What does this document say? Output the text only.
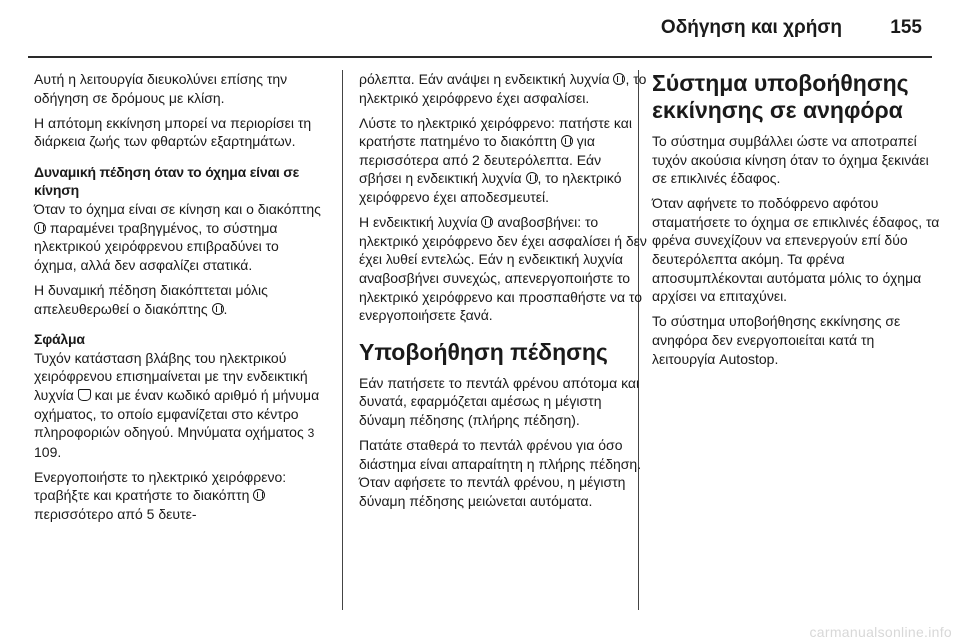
Οδήγηση και χρήση	155

Αυτή η λειτουργία διευκολύνει επίσης την οδήγηση σε δρόμους με κλίση.

Η απότομη εκκίνηση μπορεί να περιορίσει τη διάρκεια ζωής των φθαρτών εξαρτημάτων.

Δυναμική πέδηση όταν το όχημα είναι σε κίνηση

Όταν το όχημα είναι σε κίνηση και ο διακόπτης  παραμένει τραβηγμένος, το σύστημα ηλεκτρικού χειρόφρενου επιβραδύνει το όχημα, αλλά δεν ασφαλίζει στατικά.

Η δυναμική πέδηση διακόπτεται μόλις απελευθερωθεί ο διακόπτης .

Σφάλμα

Τυχόν κατάσταση βλάβης του ηλεκτρικού χειρόφρενου επισημαίνεται με την ενδεικτική λυχνία  και με έναν κωδικό αριθμό ή μήνυμα οχήματος, το οποίο εμφανίζεται στο κέντρο πληροφοριών οδηγού. Μηνύματα οχήματος 3 109.

Ενεργοποιήστε το ηλεκτρικό χειρόφρενο: τραβήξτε και κρατήστε το διακόπτη  περισσότερο από 5 δευτε-

ρόλεπτα. Εάν ανάψει η ενδεικτική λυχνία , το ηλεκτρικό χειρόφρενο έχει ασφαλίσει.

Λύστε το ηλεκτρικό χειρόφρενο: πατήστε και κρατήστε πατημένο το διακόπτη  για περισσότερα από 2 δευτερόλεπτα. Εάν σβήσει η ενδεικτική λυχνία , το ηλεκτρικό χειρόφρενο έχει αποδεσμευτεί.

Η ενδεικτική λυχνία  αναβοσβήνει: το ηλεκτρικό χειρόφρενο δεν έχει ασφαλίσει ή δεν έχει λυθεί εντελώς. Εάν η ενδεικτική λυχνία αναβοσβήνει συνεχώς, απενεργοποιήστε το ηλεκτρικό χειρόφρενο και προσπαθήστε να το ενεργοποιήσετε ξανά.

Υποβοήθηση πέδησης

Εάν πατήσετε το πεντάλ φρένου απότομα και δυνατά, εφαρμόζεται αμέσως η μέγιστη δύναμη πέδησης (πλήρης πέδηση).

Πατάτε σταθερά το πεντάλ φρένου για όσο διάστημα είναι απαραίτητη η πλήρης πέδηση. Όταν αφήσετε το πεντάλ φρένου, η μέγιστη δύναμη πέδησης μειώνεται αυτόματα.

Σύστημα υποβοήθησης εκκίνησης σε ανηφόρα

Το σύστημα συμβάλλει ώστε να αποτραπεί τυχόν ακούσια κίνηση όταν το όχημα ξεκινάει σε επικλινές έδαφος.

Όταν αφήνετε το ποδόφρενο αφότου σταματήσετε το όχημα σε επικλινές έδαφος, τα φρένα συνεχίζουν να επενεργούν επί δύο δευτερόλεπτα ακόμη. Τα φρένα αποσυμπλέκονται αυτόματα μόλις το όχημα αρχίσει να επιταχύνει.

Το σύστημα υποβοήθησης εκκίνησης σε ανηφόρα δεν ενεργοποιείται κατά τη λειτουργία Autostop.

carmanualsonline.info
